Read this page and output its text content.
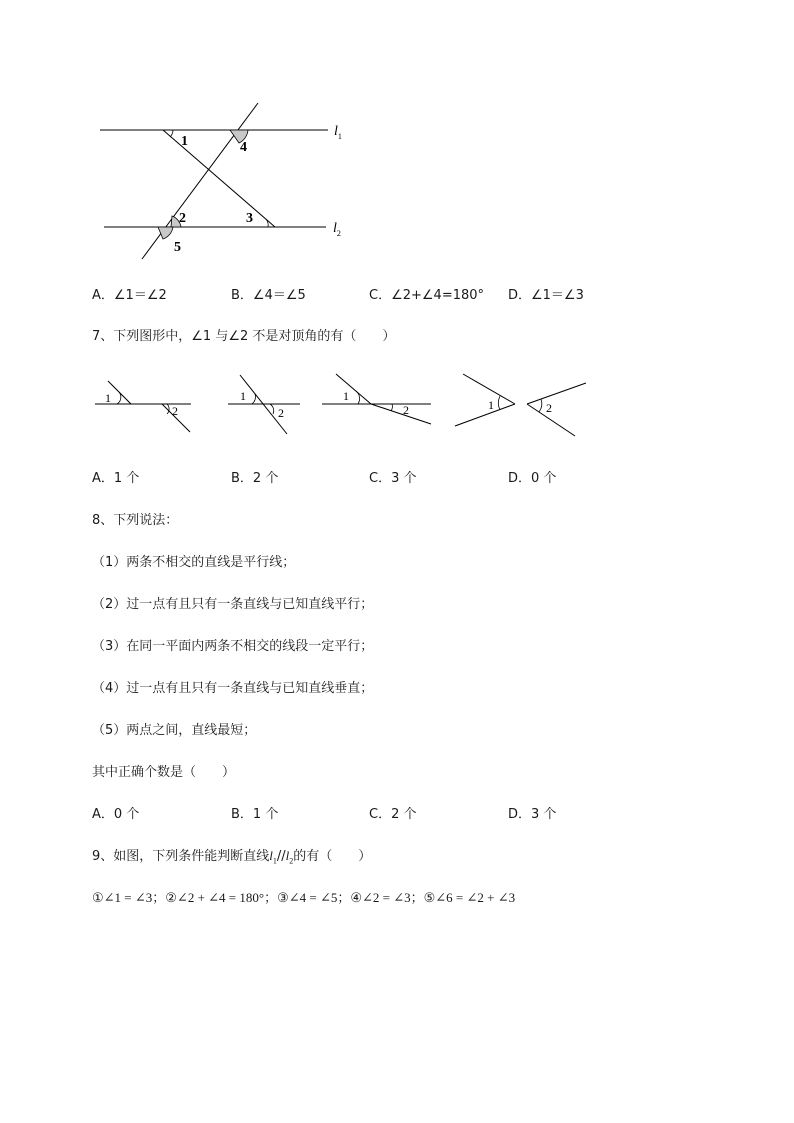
1	4
2	3
5
$l_1$
$l_2$
A．∠1＝∠2	B．∠4＝∠5	C．∠2+∠4=180° D．∠1＝∠3
7、下列图形中，∠1 与∠2 不是对顶角的有（　　）
1
2
1
2
1
2	1	2
A．1 个	B．2 个	C．3 个	D．0 个
8、下列说法：
（1）两条不相交的直线是平行线；
（2）过一点有且只有一条直线与已知直线平行；
（3）在同一平面内两条不相交的线段一定平行；
（4）过一点有且只有一条直线与已知直线垂直；
（5）两点之间，直线最短；
其中正确个数是（　　）
A．0 个	B．1 个	C．2 个	D．3 个
9、如图，下列条件能判断直线$l_1//l_2$的有（　　）
①∠1 = ∠3；②∠2 + ∠4 = 180°；③∠4 = ∠5；④∠2 = ∠3；⑤∠6 = ∠2 + ∠3
